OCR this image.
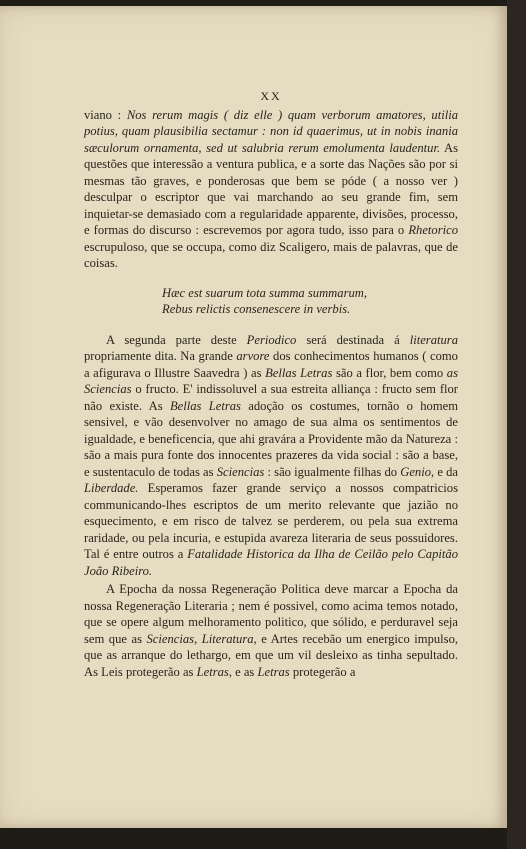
XX

viano : Nos rerum magis ( diz elle ) quam verborum amatores, utilia potius, quam plausibilia sectamur : non id quaerimus, ut in nobis inania sæculorum ornamenta, sed ut salubria rerum emolumenta laudentur. As questões que interessão a ventura publica, e a sorte das Nações são por si mesmas tão graves, e ponderosas que bem se póde ( a nosso ver ) desculpar o escriptor que vai marchando ao seu grande fim, sem inquietar-se demasiado com a regularidade apparente, divisões, processo, e formas do discurso : escrevemos por agora tudo, isso para o Rhetorico escrupuloso, que se occupa, como diz Scaligero, mais de palavras, que de coisas.

Hæc est suarum tota summa summarum,
Rebus relictis consenescere in verbis.

A segunda parte deste Periodico será destinada á literatura propriamente dita. Na grande arvore dos conhecimentos humanos ( como a afigurava o Illustre Saavedra ) as Bellas Letras são a flor, bem como as Sciencias o fructo. E' indissoluvel a sua estreita alliança : fructo sem flor não existe. As Bellas Letras adoção os costumes, tornão o homem sensivel, e vão desenvolver no amago de sua alma os sentimentos de igualdade, e beneficencia, que ahi gravára a Providente mão da Natureza : são a mais pura fonte dos innocentes prazeres da vida social : são a base, e sustentaculo de todas as Sciencias : são igualmente filhas do Genio, e da Liberdade. Esperamos fazer grande serviço a nossos compatricios communicando-lhes escriptos de um merito relevante que jazião no esquecimento, e em risco de talvez se perderem, ou pela sua extrema raridade, ou pela incuria, e estupida avareza literaria de seus possuidores. Tal é entre outros a Fatalidade Historica da Ilha de Ceilão pelo Capitão João Ribeiro.

A Epocha da nossa Regeneração Politica deve marcar a Epocha da nossa Regeneração Literaria ; nem é possivel, como acima temos notado, que se opere algum melhoramento politico, que sólido, e perduravel seja sem que as Sciencias, Literatura, e Artes recebão um energico impulso, que as arranque do lethargo, em que um vil desleixo as tinha sepultado. As Leis protegerão as Letras, e as Letras protegerão a
